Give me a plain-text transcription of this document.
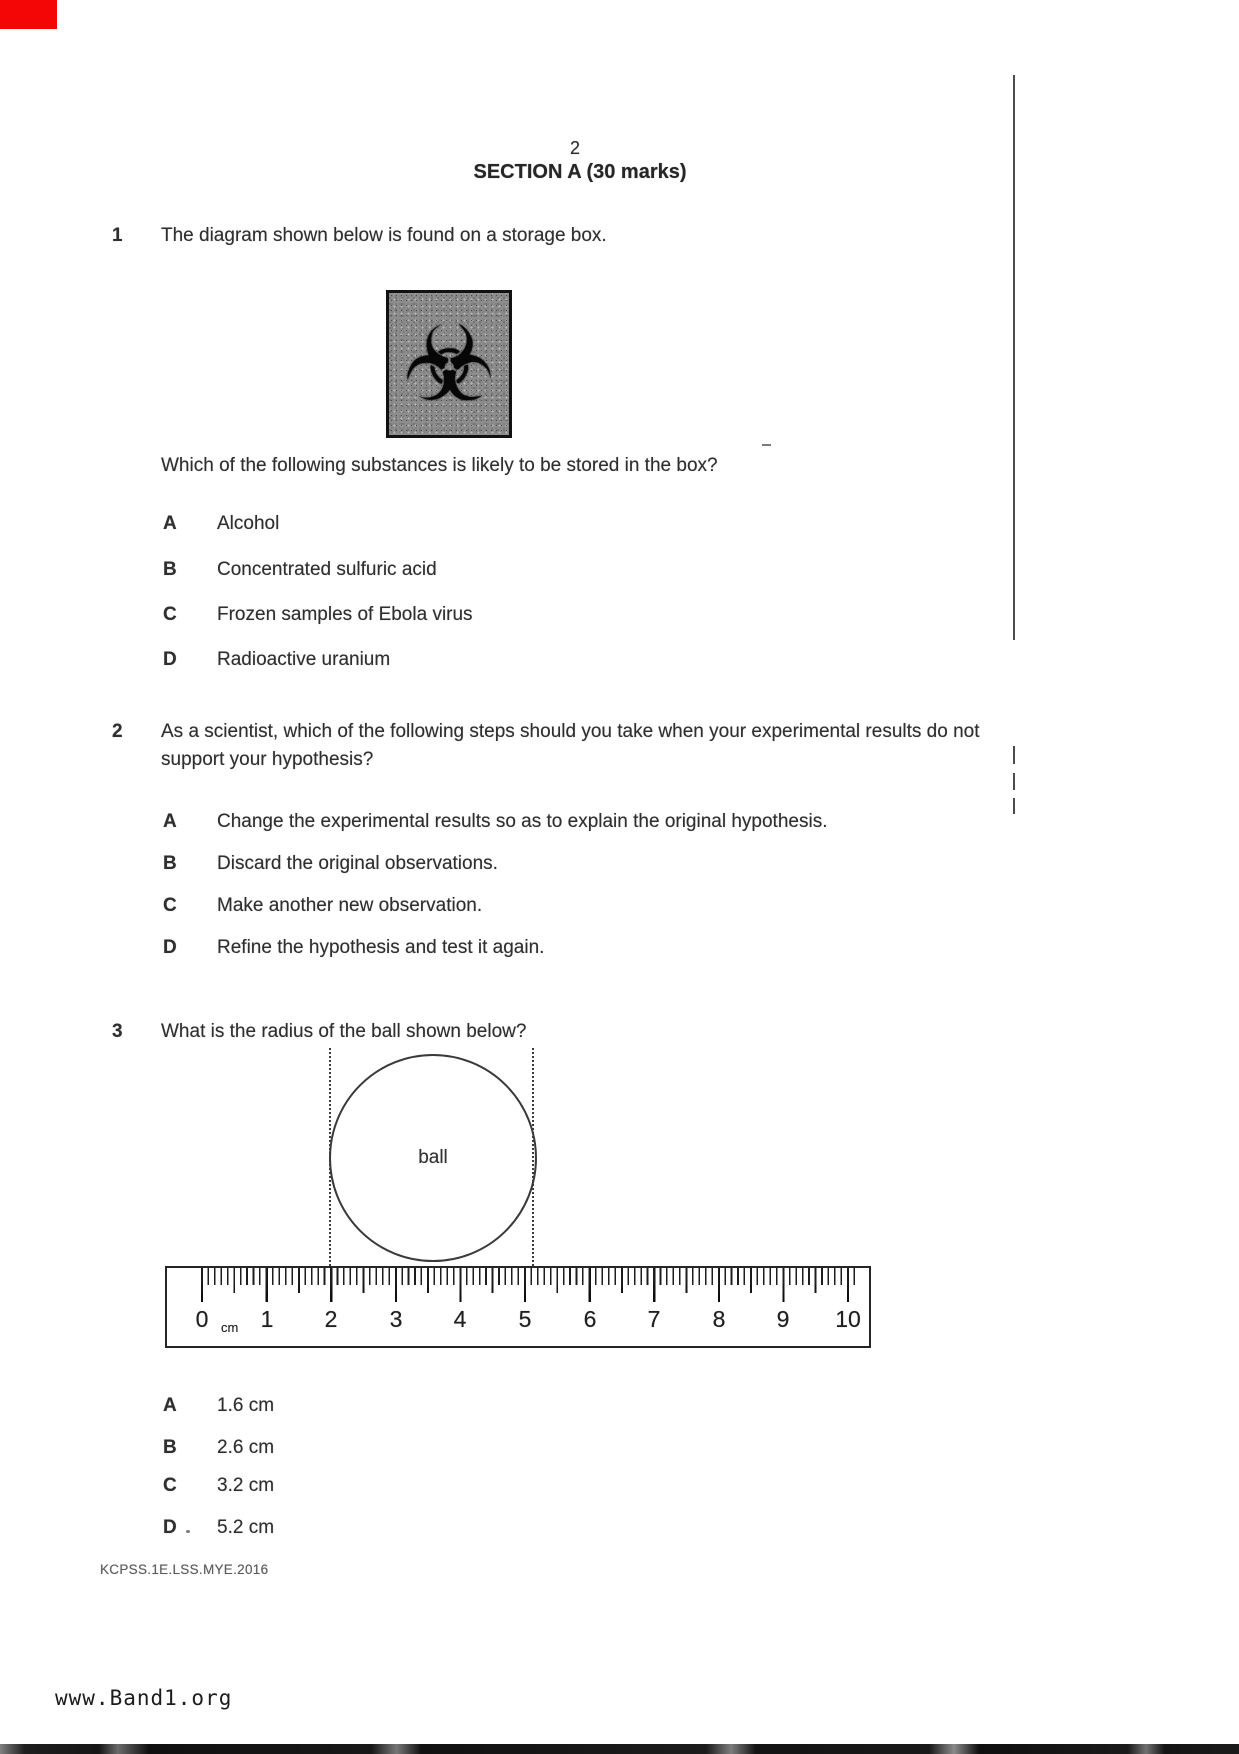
2
SECTION A (30 marks)
1 The diagram shown below is found on a storage box.
☣
Which of the following substances is likely to be stored in the box?
A Alcohol
B Concentrated sulfuric acid
C Frozen samples of Ebola virus
D Radioactive uranium
2 As a scientist, which of the following steps should you take when your experimental results do not support your hypothesis?
A Change the experimental results so as to explain the original hypothesis.
B Discard the original observations.
C Make another new observation.
D Refine the hypothesis and test it again.
3 What is the radius of the ball shown below?
ball
0 cm 1 2 3 4 5 6 7 8 9 10
A 1.6 cm
B 2.6 cm
C 3.2 cm
D 5.2 cm
KCPSS.1E.LSS.MYE.2016
www.Band1.org
